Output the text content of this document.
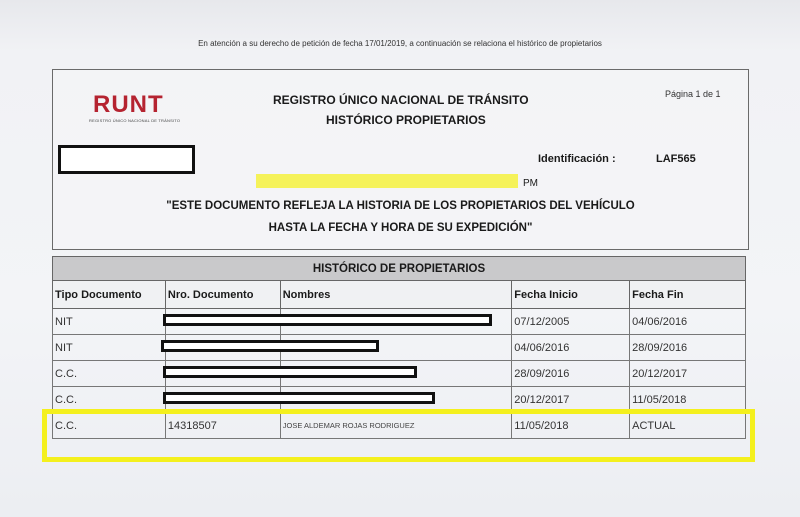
En atención a su derecho de petición de fecha 17/01/2019, a continuación se relaciona el histórico de propietarios
RUNT
REGISTRO ÚNICO NACIONAL DE TRÁNSITO
REGISTRO ÚNICO NACIONAL DE TRÁNSITO
HISTÓRICO PROPIETARIOS
Página 1 de 1
Identificación :	LAF565
PM
"ESTE DOCUMENTO REFLEJA LA HISTORIA DE LOS PROPIETARIOS DEL VEHÍCULO
HASTA LA FECHA Y HORA DE SU EXPEDICIÓN"
HISTÓRICO DE PROPIETARIOS				
Tipo Documento	Nro. Documento	Nombres	Fecha Inicio	Fecha Fin
NIT			07/12/2005	04/06/2016
NIT			04/06/2016	28/09/2016
C.C.			28/09/2016	20/12/2017
C.C.			20/12/2017	11/05/2018
C.C.	14318507	JOSE ALDEMAR ROJAS RODRIGUEZ	11/05/2018	ACTUAL
